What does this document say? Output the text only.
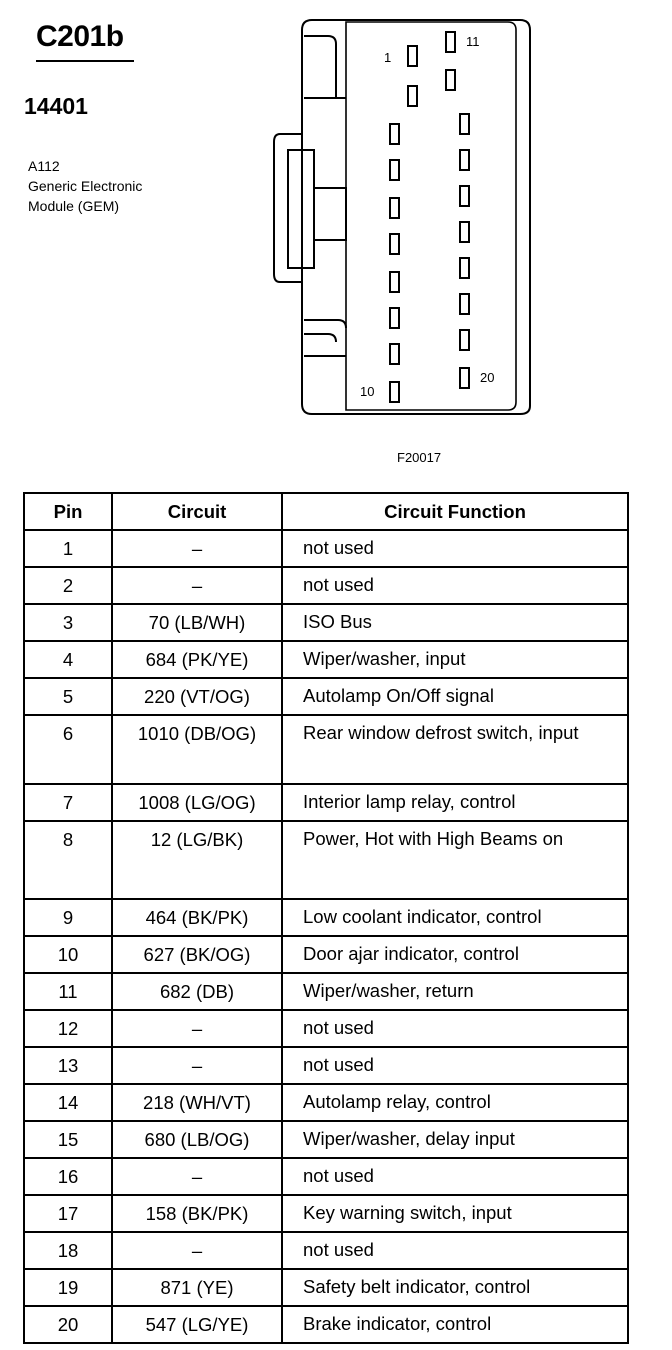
C201b
14401
A112
Generic Electronic
Module (GEM)
1
11
10
20
F20017
Pin	Circuit	Circuit Function

1	–	not used

2	–	not used

3	70 (LB/WH)	ISO Bus

4	684 (PK/YE)	Wiper/washer, input

5	220 (VT/OG)	Autolamp On/Off signal

6	1010 (DB/OG)	Rear window defrost switch, input

7	1008 (LG/OG)	Interior lamp relay, control

8	12 (LG/BK)	Power, Hot with High Beams on

9	464 (BK/PK)	Low coolant indicator, control

10	627 (BK/OG)	Door ajar indicator, control

11	682 (DB)	Wiper/washer, return

12	–	not used

13	–	not used

14	218 (WH/VT)	Autolamp relay, control

15	680 (LB/OG)	Wiper/washer, delay input

16	–	not used

17	158 (BK/PK)	Key warning switch, input

18	–	not used

19	871 (YE)	Safety belt indicator, control

20	547 (LG/YE)	Brake indicator, control
